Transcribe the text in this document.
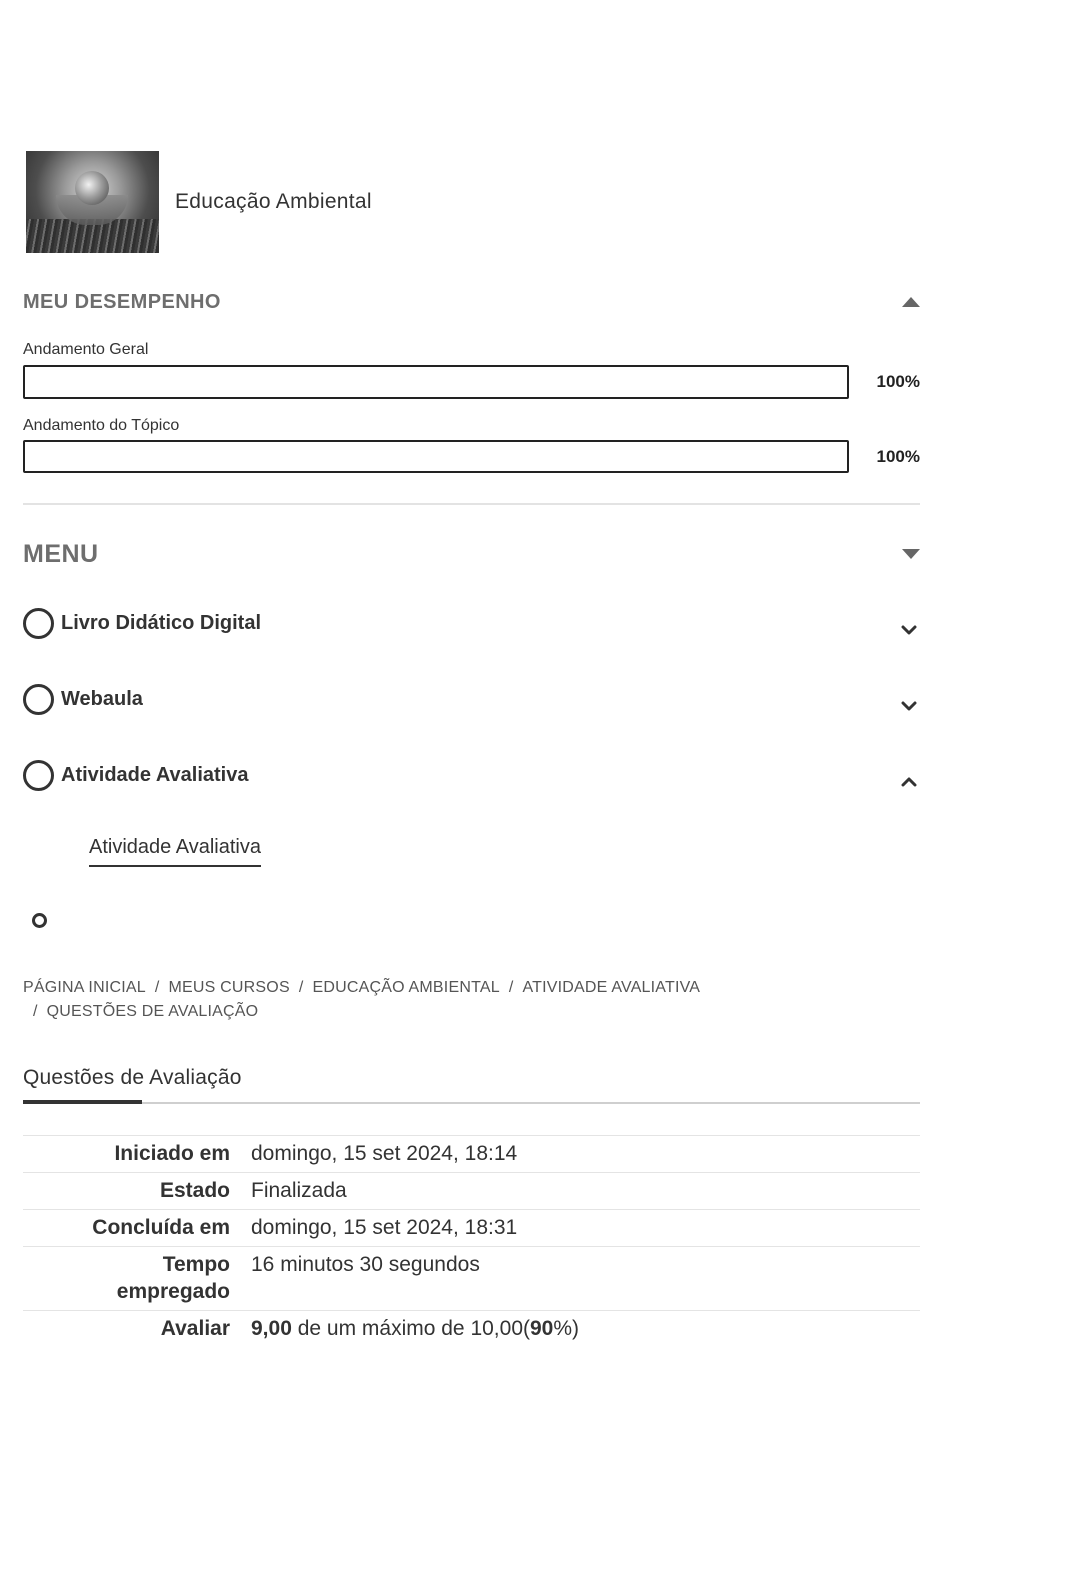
Educação Ambiental
MEU DESEMPENHO
Andamento Geral
100%
Andamento do Tópico
100%
MENU
Livro Didático Digital
Webaula
Atividade Avaliativa
Atividade Avaliativa
PÁGINA INICIAL / MEUS CURSOS / EDUCAÇÃO AMBIENTAL / ATIVIDADE AVALIATIVA
/ QUESTÕES DE AVALIAÇÃO
Questões de Avaliação
Iniciado em	domingo, 15 set 2024, 18:14
Estado	Finalizada
Concluída em	domingo, 15 set 2024, 18:31
Tempo
empregado	16 minutos 30 segundos
Avaliar	9,00 de um máximo de 10,00(90%)
